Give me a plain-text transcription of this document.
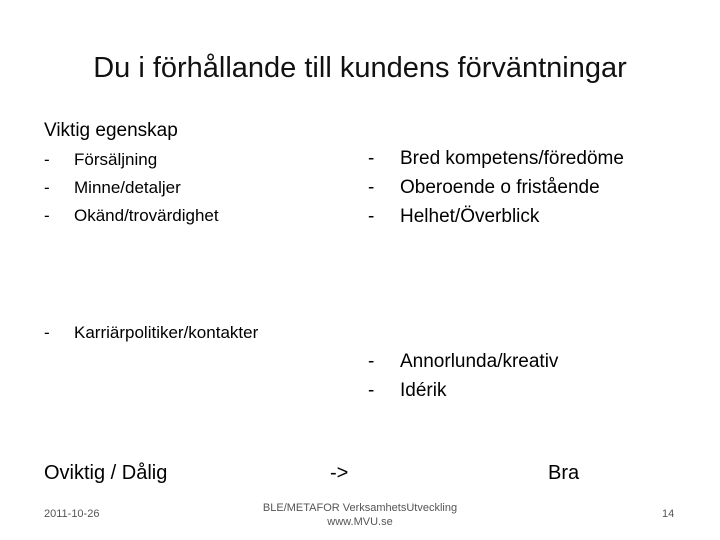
Du i förhållande till kundens förväntningar
Viktig egenskap
- Försäljning
- Minne/detaljer
- Okänd/trovärdighet
- Karriärpolitiker/kontakter
- Bred kompetens/föredöme
- Oberoende o fristående
- Helhet/Överblick
- Annorlunda/kreativ
- Idérik
Oviktig / Dålig	->	Bra
2011-10-26	BLE/METAFOR VerksamhetsUtveckling
www.MVU.se
14
